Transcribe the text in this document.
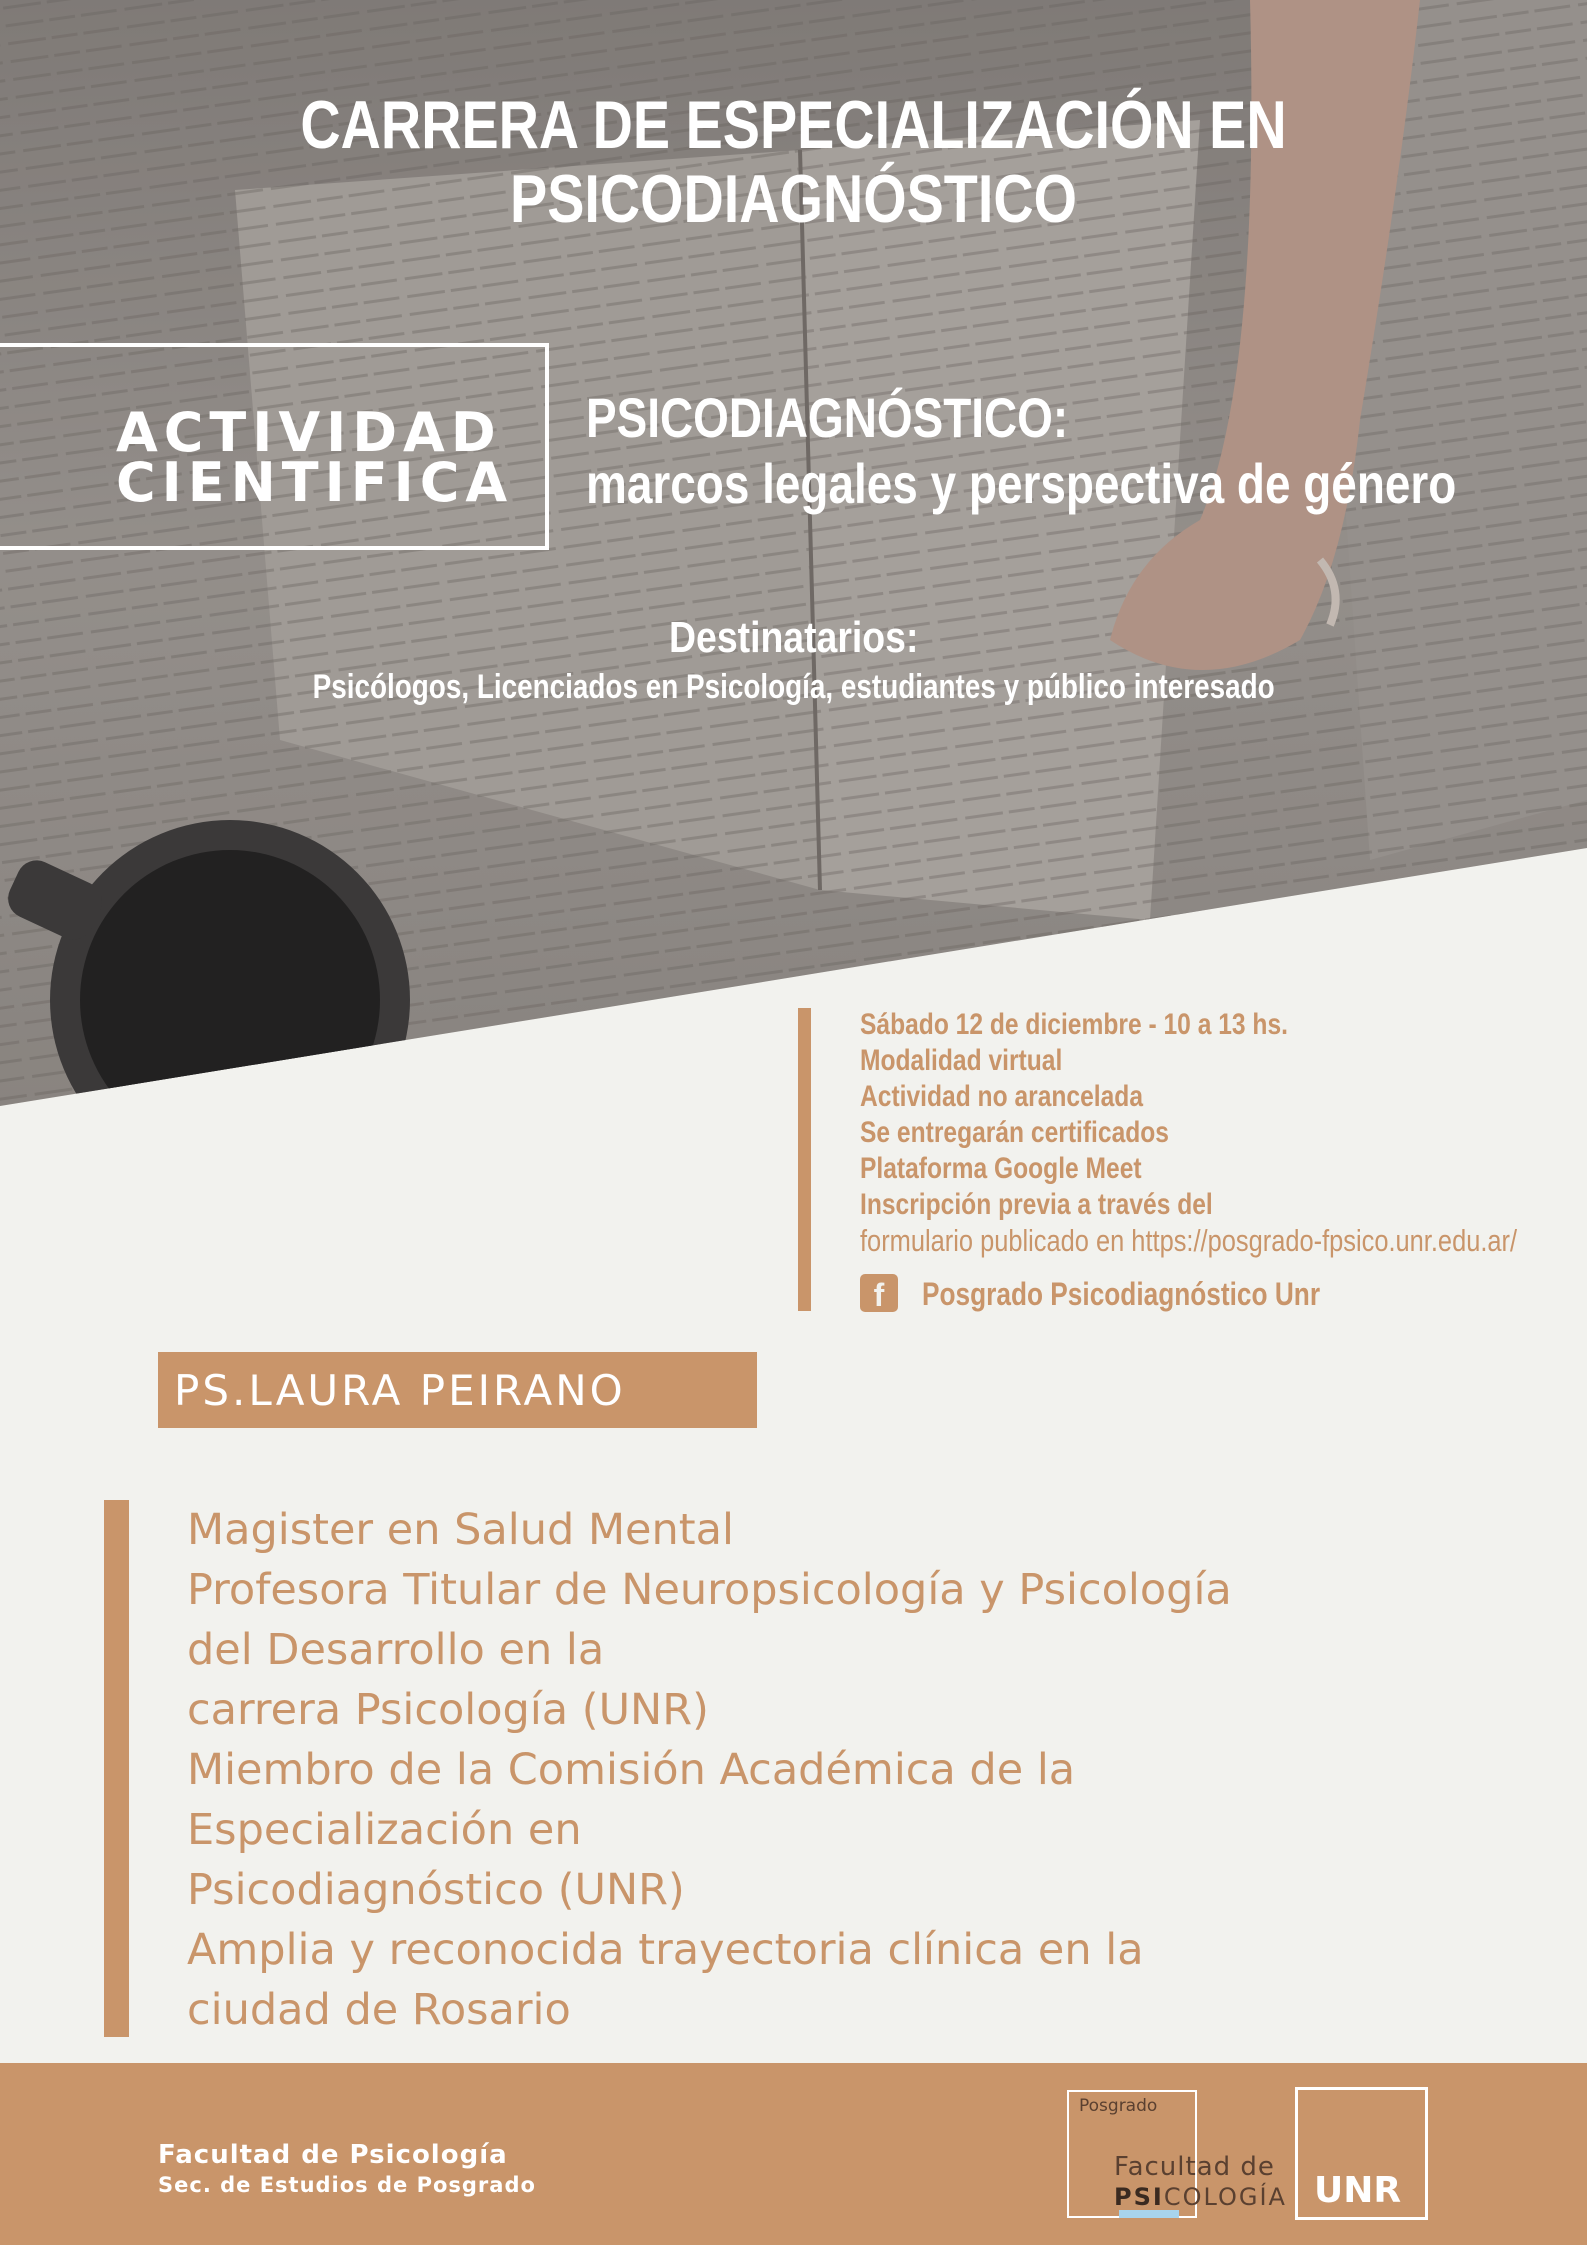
CARRERA DE ESPECIALIZACIÓN EN
PSICODIAGNÓSTICO
ACTIVIDAD
CIENTIFICA
PSICODIAGNÓSTICO:
marcos legales y perspectiva de género
Destinatarios:
Psicólogos, Licenciados en Psicología, estudiantes y público interesado
Sábado 12 de diciembre - 10 a 13 hs.
Modalidad virtual
Actividad no arancelada
Se entregarán certificados
Plataforma Google Meet
Inscripción previa a través del
formulario publicado en https://posgrado-fpsico.unr.edu.ar/
f	Posgrado Psicodiagnóstico Unr
PS.LAURA PEIRANO
Magister en Salud Mental
Profesora Titular de Neuropsicología y Psicología
del Desarrollo en la
carrera Psicología (UNR)
Miembro de la Comisión Académica de la
Especialización en
Psicodiagnóstico (UNR)
Amplia y reconocida trayectoria clínica en la
ciudad de Rosario
Facultad de Psicología
Sec. de Estudios de Posgrado
Posgrado
Facultad de
PSICOLOGÍA UNR
